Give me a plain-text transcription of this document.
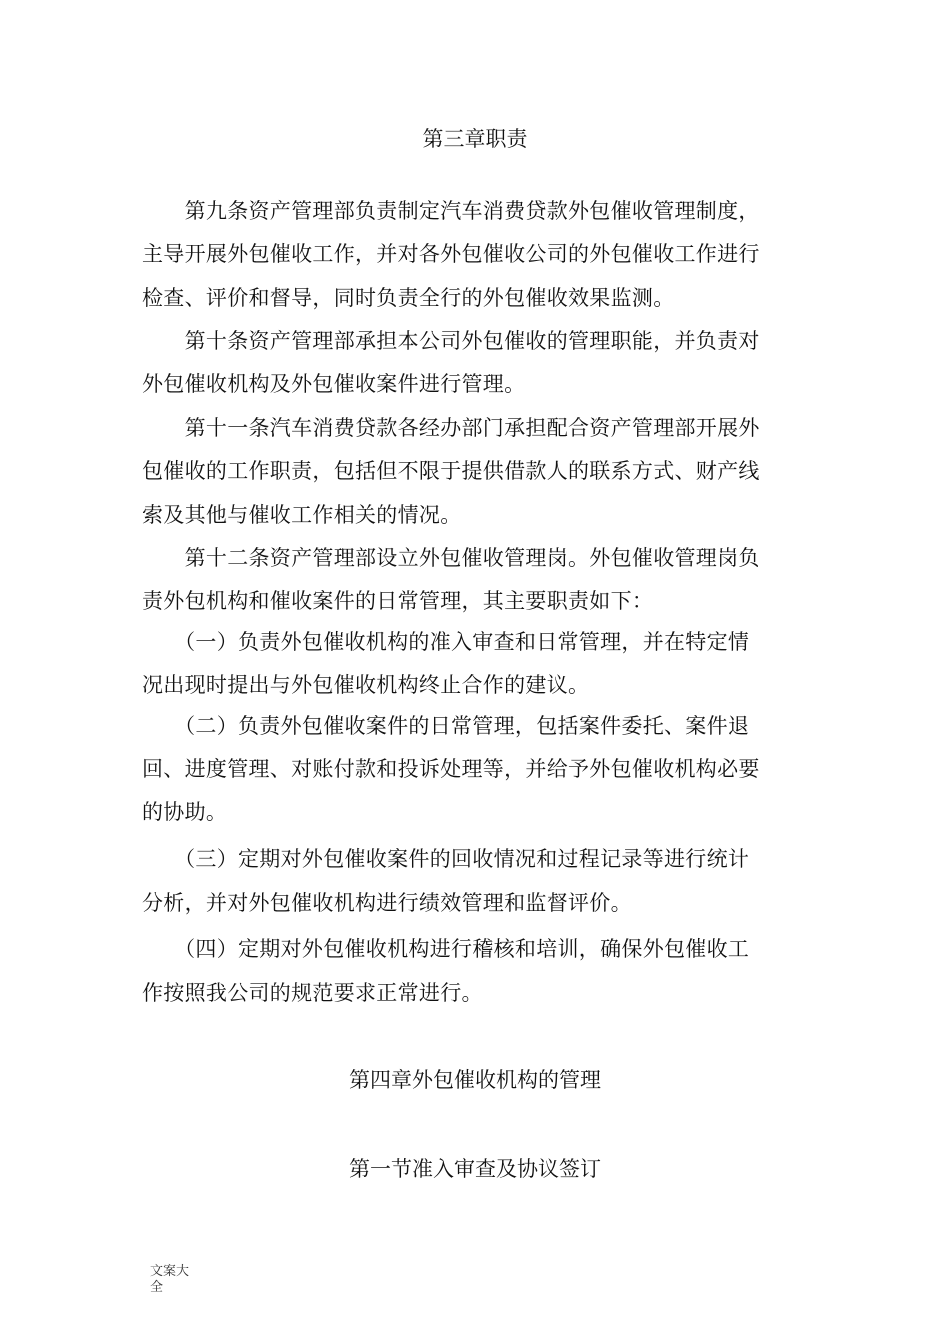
第三章职责
　　第九条资产管理部负责制定汽车消费贷款外包催收管理制度，
主导开展外包催收工作，并对各外包催收公司的外包催收工作进行
检查、评价和督导，同时负责全行的外包催收效果监测。
　　第十条资产管理部承担本公司外包催收的管理职能，并负责对
外包催收机构及外包催收案件进行管理。
　　第十一条汽车消费贷款各经办部门承担配合资产管理部开展外
包催收的工作职责，包括但不限于提供借款人的联系方式、财产线
索及其他与催收工作相关的情况。
　　第十二条资产管理部设立外包催收管理岗。外包催收管理岗负
责外包机构和催收案件的日常管理，其主要职责如下：
　　（一）负责外包催收机构的准入审查和日常管理，并在特定情
况出现时提出与外包催收机构终止合作的建议。
　　（二）负责外包催收案件的日常管理，包括案件委托、案件退
回、进度管理、对账付款和投诉处理等，并给予外包催收机构必要
的协助。
　　（三）定期对外包催收案件的回收情况和过程记录等进行统计
分析，并对外包催收机构进行绩效管理和监督评价。
　　（四）定期对外包催收机构进行稽核和培训，确保外包催收工
作按照我公司的规范要求正常进行。
第四章外包催收机构的管理
第一节准入审查及协议签订
文案大全
